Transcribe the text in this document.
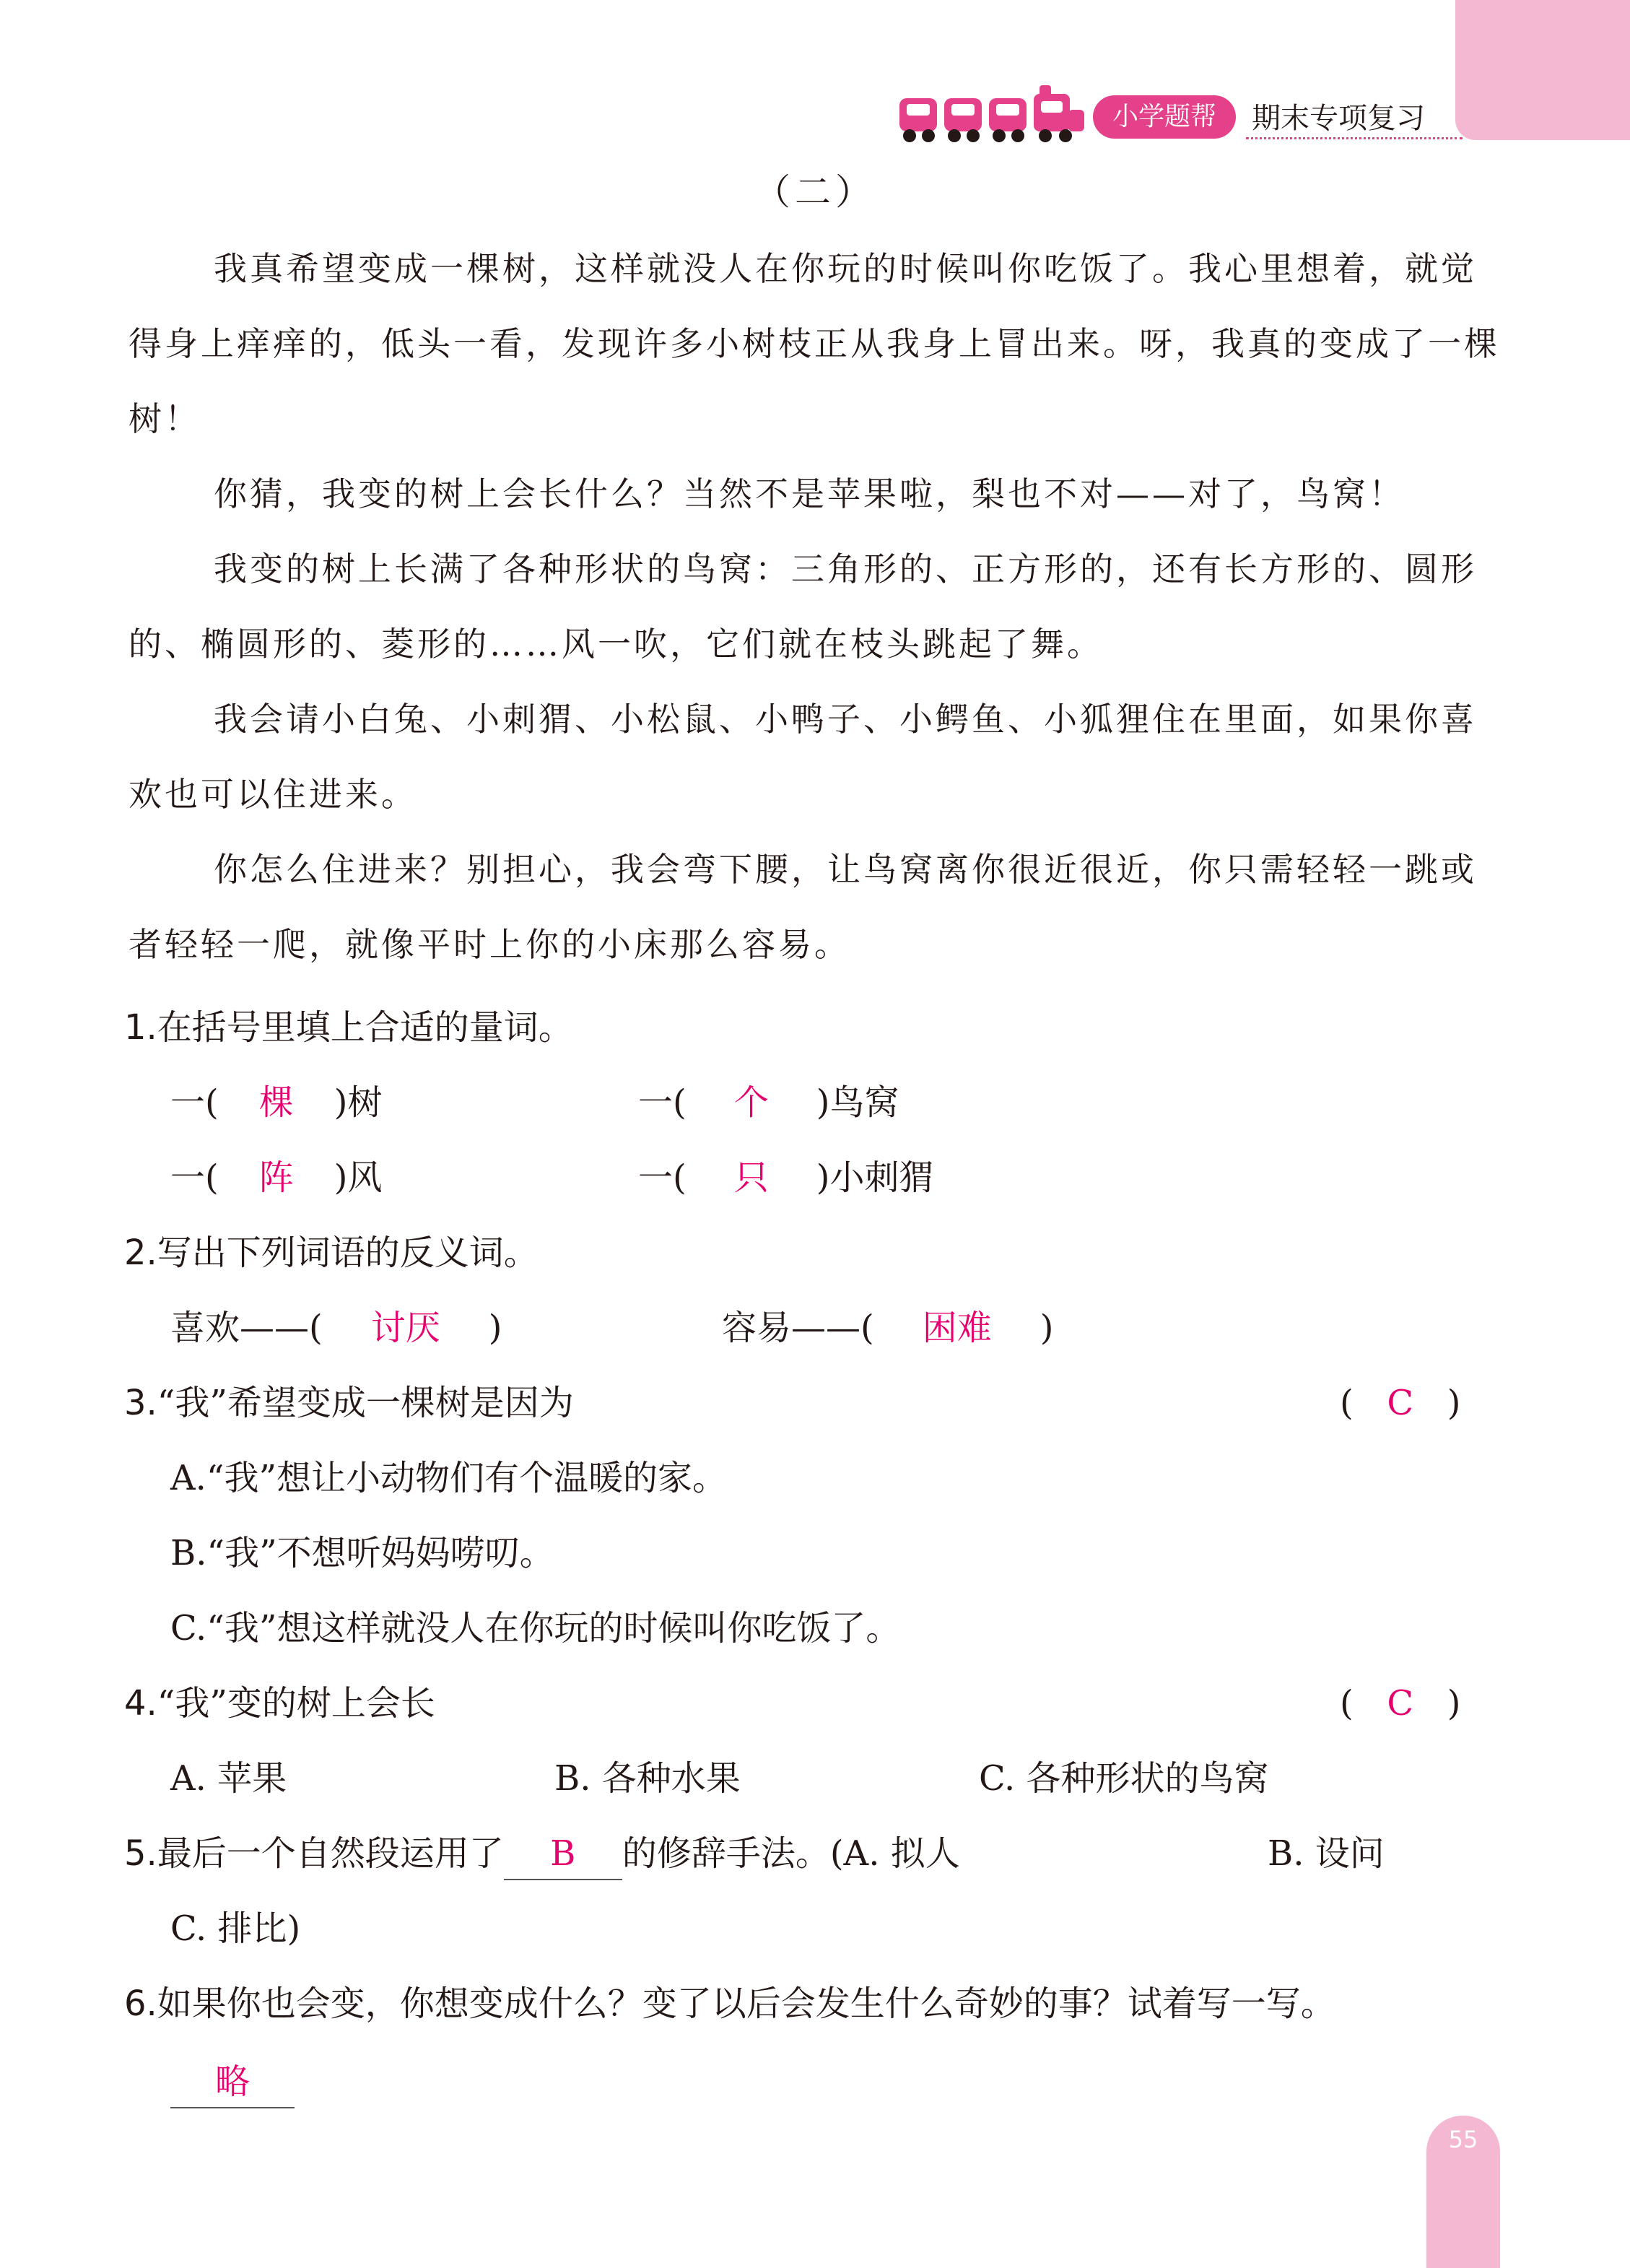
小学题帮	期末专项复习
（二）

我真希望变成一棵树，这样就没人在你玩的时候叫你吃饭了。我心里想着，就觉得身上痒痒的，低头一看，发现许多小树枝正从我身上冒出来。呀，我真的变成了一棵树！

你猜，我变的树上会长什么？当然不是苹果啦，梨也不对——对了，鸟窝！

我变的树上长满了各种形状的鸟窝：三角形的、正方形的，还有长方形的、圆形的、椭圆形的、菱形的……风一吹，它们就在枝头跳起了舞。

我会请小白兔、小刺猬、小松鼠、小鸭子、小鳄鱼、小狐狸住在里面，如果你喜欢也可以住进来。

你怎么住进来？别担心，我会弯下腰，让鸟窝离你很近很近，你只需轻轻一跳或者轻轻一爬，就像平时上你的小床那么容易。

1.在括号里填上合适的量词。
一( 棵 )树	一( 个 )鸟窝
一( 阵 )风	一( 只 )小刺猬
2.写出下列词语的反义词。
喜欢——( 讨厌 )	容易——( 困难 )
3.“我”希望变成一棵树是因为	( C )
A.“我”想让小动物们有个温暖的家。
B.“我”不想听妈妈唠叨。
C.“我”想这样就没人在你玩的时候叫你吃饭了。
4.“我”变的树上会长	( C )
A. 苹果	B. 各种水果	C. 各种形状的鸟窝
5.最后一个自然段运用了 B 的修辞手法。(A. 拟人	B. 设问
C. 排比)
6.如果你也会变，你想变成什么？变了以后会发生什么奇妙的事？试着写一写。
略
55
